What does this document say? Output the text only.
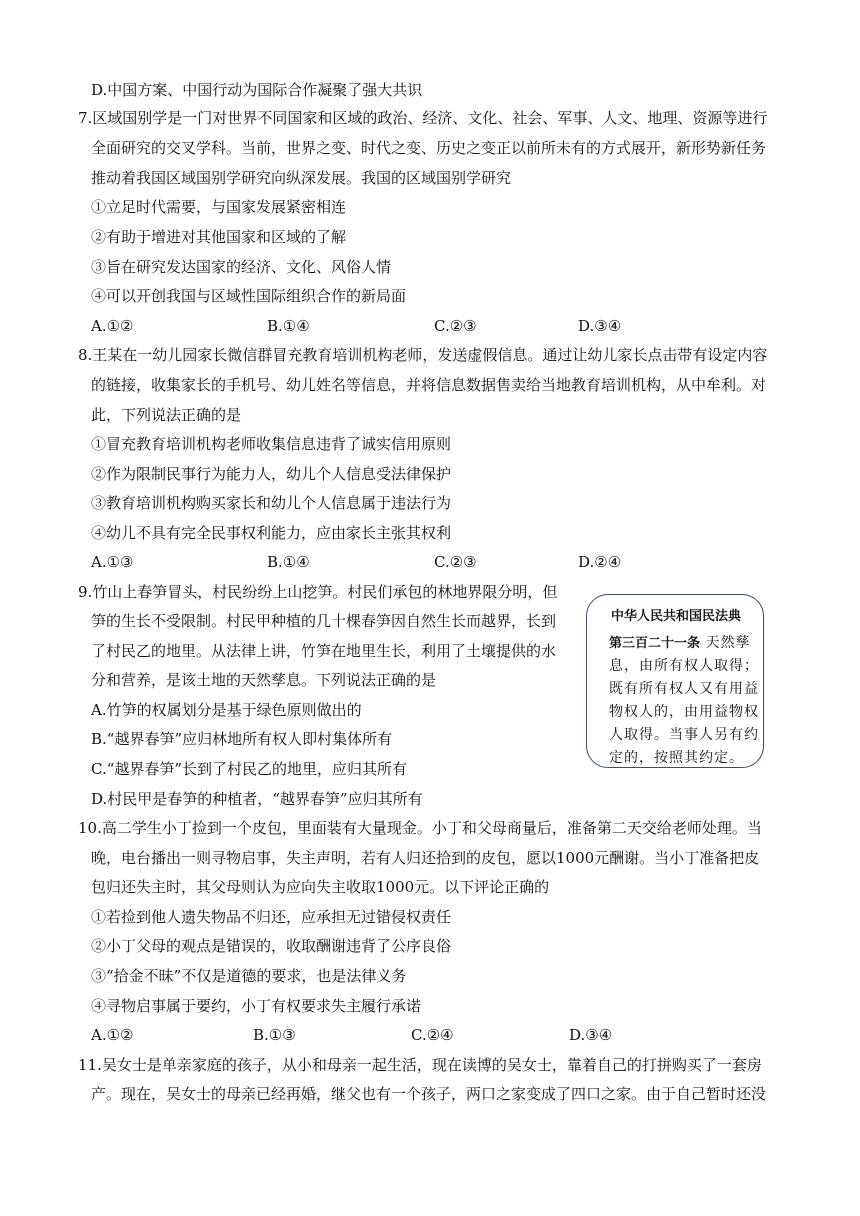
D.中国方案、中国行动为国际合作凝聚了强大共识
7.区域国别学是一门对世界不同国家和区域的政治、经济、文化、社会、军事、人文、地理、资源等进行
全面研究的交叉学科。当前，世界之变、时代之变、历史之变正以前所未有的方式展开，新形势新任务
推动着我国区域国别学研究向纵深发展。我国的区域国别学研究
①立足时代需要，与国家发展紧密相连
②有助于增进对其他国家和区域的了解
③旨在研究发达国家的经济、文化、风俗人情
④可以开创我国与区域性国际组织合作的新局面
A.①②	B.①④	C.②③	D.③④
8.王某在一幼儿园家长微信群冒充教育培训机构老师，发送虚假信息。通过让幼儿家长点击带有设定内容
的链接，收集家长的手机号、幼儿姓名等信息，并将信息数据售卖给当地教育培训机构，从中牟利。对
此，下列说法正确的是
①冒充教育培训机构老师收集信息违背了诚实信用原则
②作为限制民事行为能力人，幼儿个人信息受法律保护
③教育培训机构购买家长和幼儿个人信息属于违法行为
④幼儿不具有完全民事权利能力，应由家长主张其权利
A.①③	B.①④	C.②③	D.②④
9.竹山上春笋冒头，村民纷纷上山挖笋。村民们承包的林地界限分明，但
笋的生长不受限制。村民甲种植的几十棵春笋因自然生长而越界，长到
了村民乙的地里。从法律上讲，竹笋在地里生长，利用了土壤提供的水
分和营养，是该土地的天然孳息。下列说法正确的是
A.竹笋的权属划分是基于绿色原则做出的
B.“越界春笋”应归林地所有权人即村集体所有
C.“越界春笋”长到了村民乙的地里，应归其所有
D.村民甲是春笋的种植者，“越界春笋”应归其所有
中华人民共和国民法典
第三百二十一条 天然孳
息，由所有权人取得；
既有所有权人又有用益
物权人的，由用益物权
人取得。当事人另有约
定的，按照其约定。
10.高二学生小丁捡到一个皮包，里面装有大量现金。小丁和父母商量后，准备第二天交给老师处理。当
晚，电台播出一则寻物启事，失主声明，若有人归还拾到的皮包，愿以1000元酬谢。当小丁准备把皮
包归还失主时，其父母则认为应向失主收取1000元。以下评论正确的
①若捡到他人遗失物品不归还，应承担无过错侵权责任
②小丁父母的观点是错误的，收取酬谢违背了公序良俗
③“拾金不昧”不仅是道德的要求，也是法律义务
④寻物启事属于要约，小丁有权要求失主履行承诺
A.①②	B.①③	C.②④	D.③④
11.吴女士是单亲家庭的孩子，从小和母亲一起生活，现在读博的吴女士，靠着自己的打拼购买了一套房
产。现在，吴女士的母亲已经再婚，继父也有一个孩子，两口之家变成了四口之家。由于自己暂时还没
